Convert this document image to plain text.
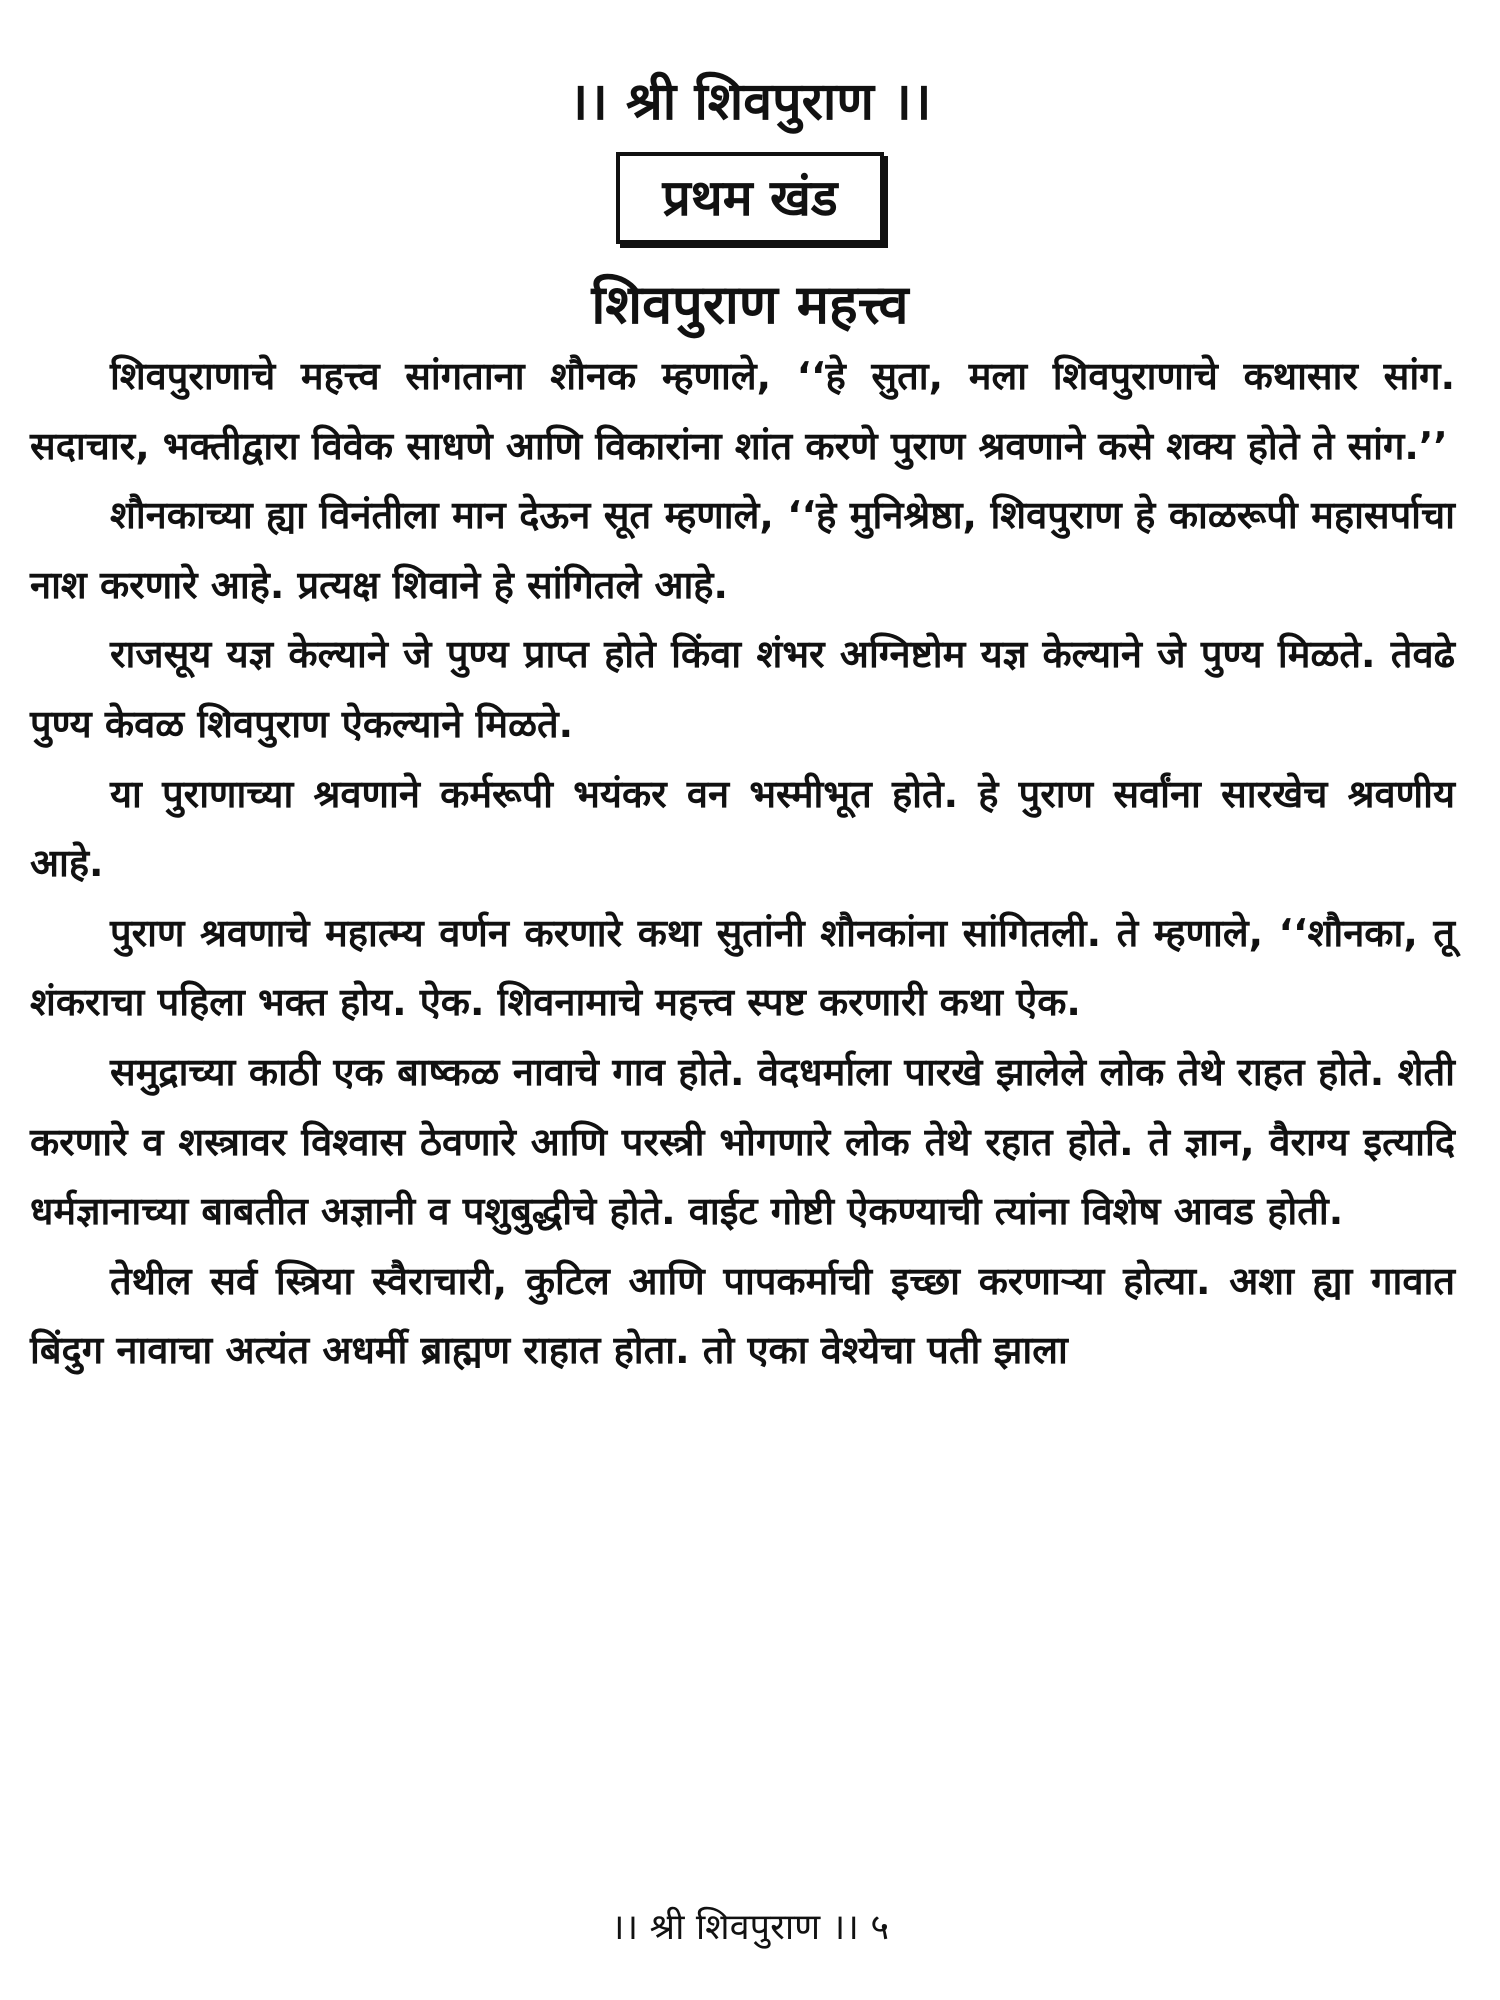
।। श्री शिवपुराण ।।
प्रथम खंड
शिवपुराण महत्त्व

शिवपुराणाचे महत्त्व सांगताना शौनक म्हणाले, ‘‘हे सुता, मला शिवपुराणाचे कथासार सांग. सदाचार, भक्तीद्वारा विवेक साधणे आणि विकारांना शांत करणे पुराण श्रवणाने कसे शक्य होते ते सांग.’’

शौनकाच्या ह्या विनंतीला मान देऊन सूत म्हणाले, ‘‘हे मुनिश्रेष्ठा, शिवपुराण हे काळरूपी महासर्पाचा नाश करणारे आहे. प्रत्यक्ष शिवाने हे सांगितले आहे.

राजसूय यज्ञ केल्याने जे पुण्य प्राप्त होते किंवा शंभर अग्निष्टोम यज्ञ केल्याने जे पुण्य मिळते. तेवढे पुण्य केवळ शिवपुराण ऐकल्याने मिळते.

या पुराणाच्या श्रवणाने कर्मरूपी भयंकर वन भस्मीभूत होते. हे पुराण सर्वांना सारखेच श्रवणीय आहे.

पुराण श्रवणाचे महात्म्य वर्णन करणारे कथा सुतांनी शौनकांना सांगितली. ते म्हणाले, ‘‘शौनका, तू शंकराचा पहिला भक्त होय. ऐक. शिवनामाचे महत्त्व स्पष्ट करणारी कथा ऐक.

समुद्राच्या काठी एक बाष्कळ नावाचे गाव होते. वेदधर्माला पारखे झालेले लोक तेथे राहत होते. शेती करणारे व शस्त्रावर विश्वास ठेवणारे आणि परस्त्री भोगणारे लोक तेथे रहात होते. ते ज्ञान, वैराग्य इत्यादि धर्मज्ञानाच्या बाबतीत अज्ञानी व पशुबुद्धीचे होते. वाईट गोष्टी ऐकण्याची त्यांना विशेष आवड होती.

तेथील सर्व स्त्रिया स्वैराचारी, कुटिल आणि पापकर्माची इच्छा करणाऱ्या होत्या. अशा ह्या गावात बिंदुग नावाचा अत्यंत अधर्मी ब्राह्मण राहात होता. तो एका वेश्येचा पती झाला

।। श्री शिवपुराण ।। ५
